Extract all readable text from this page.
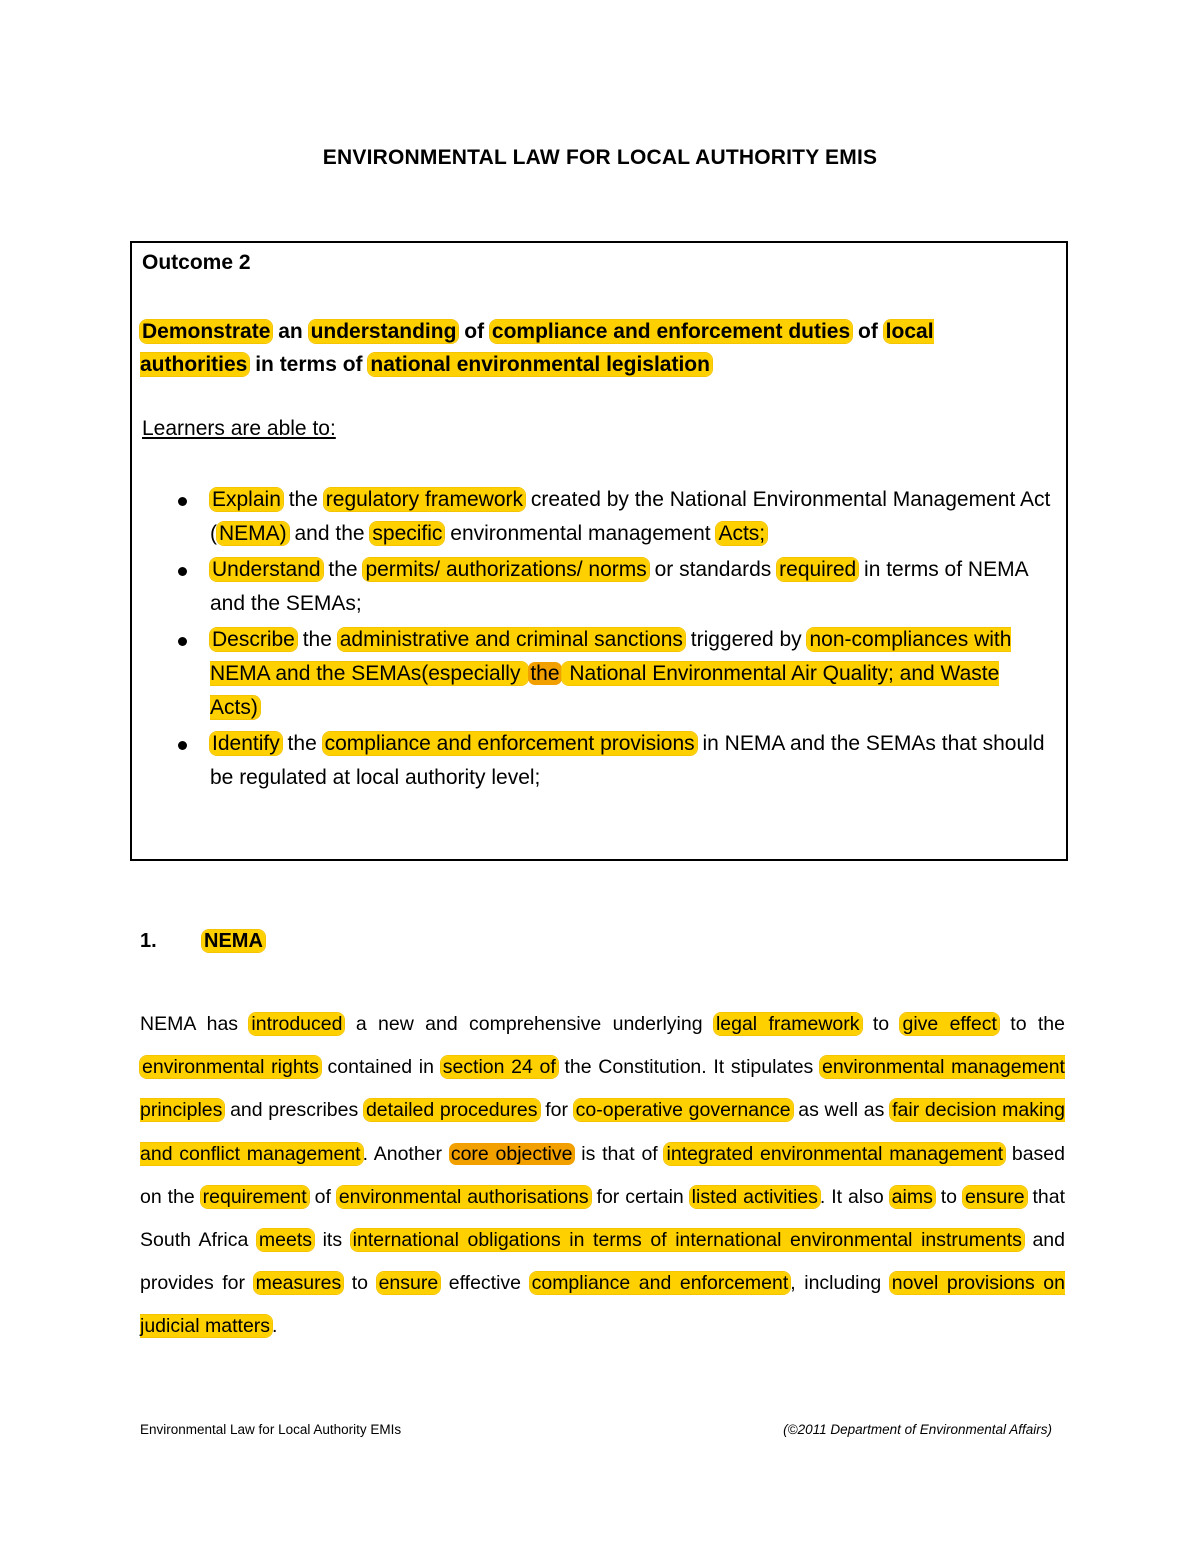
ENVIRONMENTAL LAW FOR LOCAL AUTHORITY EMIS
Outcome 2
Demonstrate an understanding of compliance and enforcement duties of local authorities in terms of national environmental legislation
Learners are able to:
Explain the regulatory framework created by the National Environmental Management Act (NEMA) and the specific environmental management Acts;
Understand the permits/ authorizations/ norms or standards required in terms of NEMA and the SEMAs;
Describe the administrative and criminal sanctions triggered by non-compliances with NEMA and the SEMAs(especially the National Environmental Air Quality; and Waste Acts)
Identify the compliance and enforcement provisions in NEMA and the SEMAs that should be regulated at local authority level;
1. NEMA
NEMA has introduced a new and comprehensive underlying legal framework to give effect to the environmental rights contained in section 24 of the Constitution. It stipulates environmental management principles and prescribes detailed procedures for co-operative governance as well as fair decision making and conflict management . Another core objective is that of integrated environmental management based on the requirement of environmental authorisations for certain listed activities . It also aims to ensure that South Africa meets its international obligations in terms of international environmental instruments and provides for measures to ensure effective compliance and enforcement , including novel provisions on judicial matters .
Environmental Law for Local Authority EMIs	(©2011 Department of Environmental Affairs)
